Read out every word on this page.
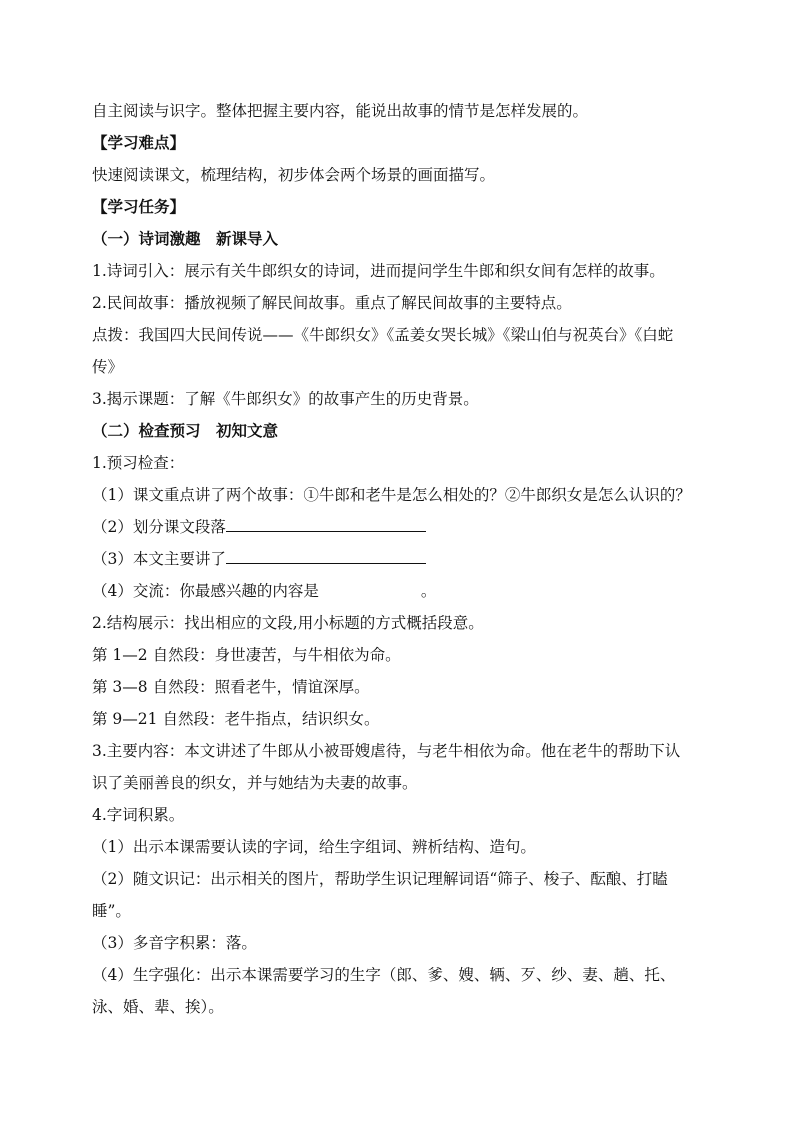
自主阅读与识字。整体把握主要内容，能说出故事的情节是怎样发展的。
【学习难点】
快速阅读课文，梳理结构，初步体会两个场景的画面描写。
【学习任务】
（一）诗词激趣　新课导入
1.诗词引入：展示有关牛郎织女的诗词，进而提问学生牛郎和织女间有怎样的故事。
2.民间故事：播放视频了解民间故事。重点了解民间故事的主要特点。
点拨：我国四大民间传说——《牛郎织女》《孟姜女哭长城》《梁山伯与祝英台》《白蛇
传》
3.揭示课题：了解《牛郎织女》的故事产生的历史背景。
（二）检查预习　初知文意
1.预习检查：
（1）课文重点讲了两个故事：①牛郎和老牛是怎么相处的？②牛郎织女是怎么认识的？
（2）划分课文段落
（3）本文主要讲了
（4）交流：你最感兴趣的内容是	。
2.结构展示：找出相应的文段,用小标题的方式概括段意。
第 1—2 自然段：身世凄苦，与牛相依为命。
第 3—8 自然段：照看老牛，情谊深厚。
第 9—21 自然段：老牛指点，结识织女。
3.主要内容：本文讲述了牛郎从小被哥嫂虐待，与老牛相依为命。他在老牛的帮助下认
识了美丽善良的织女，并与她结为夫妻的故事。
4.字词积累。
（1）出示本课需要认读的字词，给生字组词、辨析结构、造句。
（2）随文识记：出示相关的图片，帮助学生识记理解词语“筛子、梭子、酝酿、打瞌
睡”。
（3）多音字积累：落。
（4）生字强化：出示本课需要学习的生字（郎、爹、嫂、辆、歹、纱、妻、趟、托、
泳、婚、辈、挨）。
